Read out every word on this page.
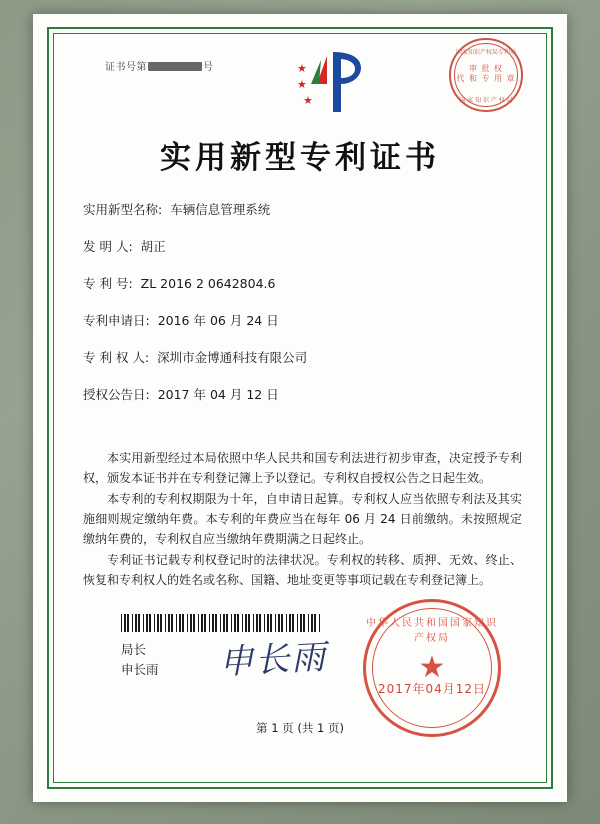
证书号第	号	★
★
★
国家知识产权局专利局
审 批 权
代 和 专 用 章
国 家 知 识 产 权 局
实用新型专利证书
实用新型名称: 车辆信息管理系统
发 明 人: 胡正
专 利 号: ZL 2016 2 0642804.6
专利申请日: 2016 年 06 月 24 日
专 利 权 人: 深圳市金博通科技有限公司
授权公告日: 2017 年 04 月 12 日

本实用新型经过本局依照中华人民共和国专利法进行初步审查，决定授予专利权，颁发本证书并在专利登记簿上予以登记。专利权自授权公告之日起生效。

本专利的专利权期限为十年，自申请日起算。专利权人应当依照专利法及其实施细则规定缴纳年费。本专利的年费应当在每年 06 月 24 日前缴纳。未按照规定缴纳年费的，专利权自应当缴纳年费期满之日起终止。

专利证书记载专利权登记时的法律状况。专利权的转移、质押、无效、终止、恢复和专利权人的姓名或名称、国籍、地址变更等事项记载在专利登记簿上。

局长
申长雨 申长雨
中华人民共和国国家知识产权局
★
2017年04月12日
第 1 页 (共 1 页)
